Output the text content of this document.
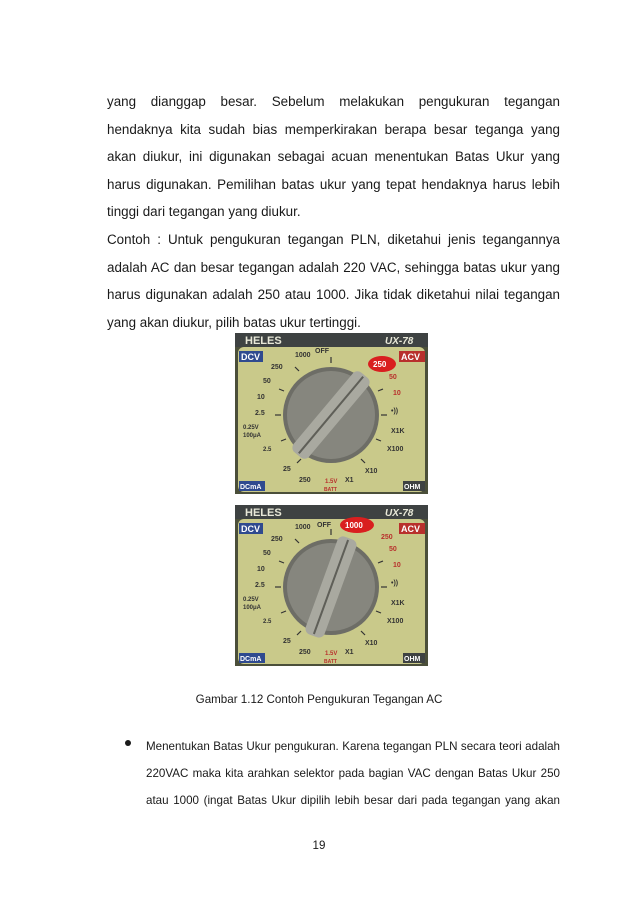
yang dianggap besar. Sebelum melakukan pengukuran tegangan
hendaknya kita sudah bias memperkirakan berapa besar teganga yang
akan diukur, ini digunakan sebagai acuan menentukan Batas Ukur yang
harus digunakan. Pemilihan batas ukur yang tepat hendaknya harus lebih
tinggi dari tegangan yang diukur.
Contoh : Untuk pengukuran tegangan PLN, diketahui jenis tegangannya
adalah AC dan besar tegangan adalah 220 VAC, sehingga batas ukur yang
harus digunakan adalah 250 atau 1000. Jika tidak diketahui nilai tegangan
yang akan diukur, pilih batas ukur tertinggi.
HELES	UX-78
DCV	ACV
1000
OFF
250
50
10
2.5
0.25V
100μA
2.5
25
250 1.5V
BATT
X1
X10
X100
X1K
•))
10
50
250
DCmA	OHM
HELES	UX-78
DCV	ACV
1000
1000 OFF
250
50
10
2.5
0.25V
100μA
2.5
25
250 1.5V
BATT
X1
X10
X100
X1K
•))
10
50
250
DCmA	OHM
Gambar 1.12 Contoh Pengukuran Tegangan AC
Menentukan Batas Ukur pengukuran. Karena tegangan PLN secara teori adalah
220VAC maka kita arahkan selektor pada bagian VAC dengan Batas Ukur 250
atau 1000 (ingat Batas Ukur dipilih lebih besar dari pada tegangan yang akan
19
